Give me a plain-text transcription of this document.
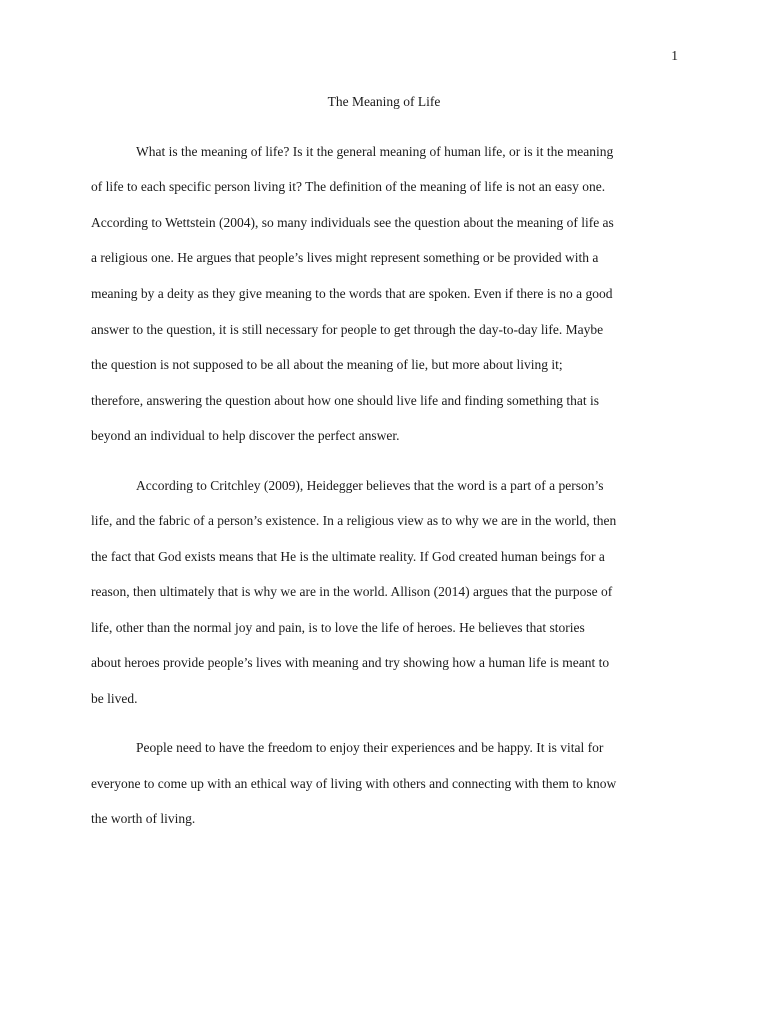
1
The Meaning of Life
What is the meaning of life? Is it the general meaning of human life, or is it the meaning
of life to each specific person living it? The definition of the meaning of life is not an easy one.
According to Wettstein (2004), so many individuals see the question about the meaning of life as
a religious one. He argues that people’s lives might represent something or be provided with a
meaning by a deity as they give meaning to the words that are spoken. Even if there is no a good
answer to the question, it is still necessary for people to get through the day-to-day life. Maybe
the question is not supposed to be all about the meaning of lie, but more about living it;
therefore, answering the question about how one should live life and finding something that is
beyond an individual to help discover the perfect answer.
According to Critchley (2009), Heidegger believes that the word is a part of a person’s
life, and the fabric of a person’s existence. In a religious view as to why we are in the world, then
the fact that God exists means that He is the ultimate reality. If God created human beings for a
reason, then ultimately that is why we are in the world. Allison (2014) argues that the purpose of
life, other than the normal joy and pain, is to love the life of heroes. He believes that stories
about heroes provide people’s lives with meaning and try showing how a human life is meant to
be lived.
People need to have the freedom to enjoy their experiences and be happy. It is vital for
everyone to come up with an ethical way of living with others and connecting with them to know
the worth of living.
